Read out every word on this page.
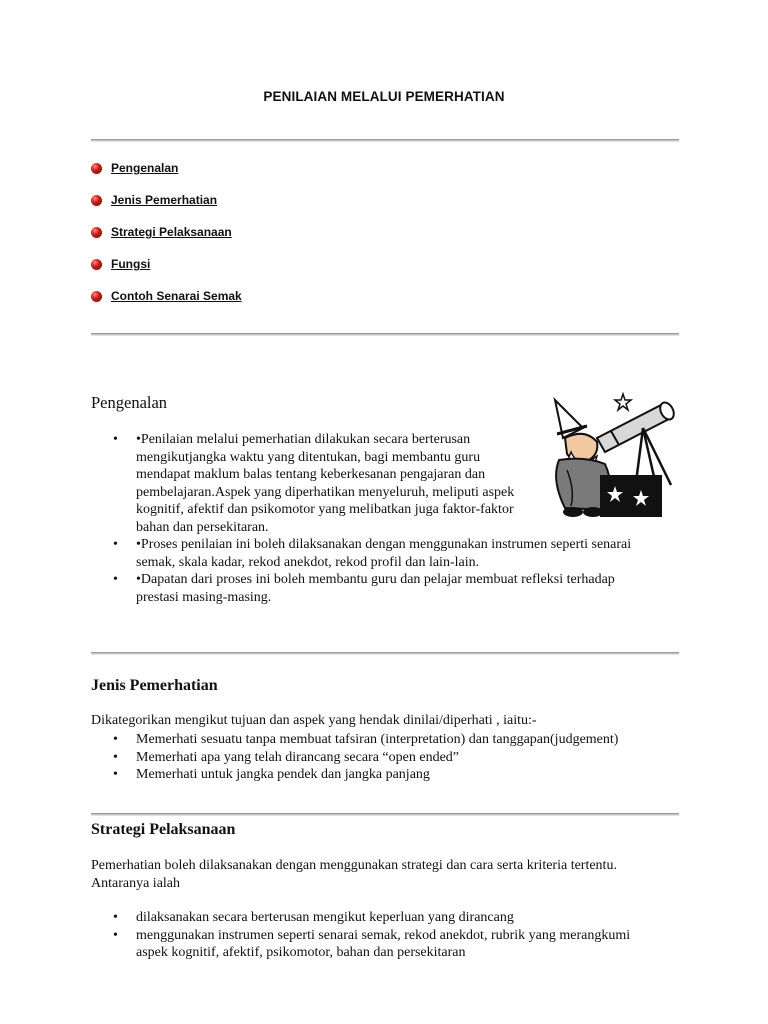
PENILAIAN MELALUI PEMERHATIAN
Pengenalan
Jenis Pemerhatian
Strategi Pelaksanaan
Fungsi
Contoh Senarai Semak
Pengenalan
• •Penilaian melalui pemerhatian dilakukan secara berterusan
mengikutjangka waktu yang ditentukan, bagi membantu guru
mendapat maklum balas tentang keberkesanan pengajaran dan
pembelajaran.Aspek yang diperhatikan menyeluruh, meliputi aspek
kognitif, afektif dan psikomotor yang melibatkan juga faktor-faktor
bahan dan persekitaran.
• •Proses penilaian ini boleh dilaksanakan dengan menggunakan instrumen seperti senarai
semak, skala kadar, rekod anekdot, rekod profil dan lain-lain.
• •Dapatan dari proses ini boleh membantu guru dan pelajar membuat refleksi terhadap
prestasi masing-masing.
Jenis Pemerhatian
Dikategorikan mengikut tujuan dan aspek yang hendak dinilai/diperhati , iaitu:-
• Memerhati sesuatu tanpa membuat tafsiran (interpretation) dan tanggapan(judgement)
• Memerhati apa yang telah dirancang secara “open ended”
• Memerhati untuk jangka pendek dan jangka panjang
Strategi Pelaksanaan
Pemerhatian boleh dilaksanakan dengan menggunakan strategi dan cara serta kriteria tertentu.
Antaranya ialah
• dilaksanakan secara berterusan mengikut keperluan yang dirancang
• menggunakan instrumen seperti senarai semak, rekod anekdot, rubrik yang merangkumi
aspek kognitif, afektif, psikomotor, bahan dan persekitaran
